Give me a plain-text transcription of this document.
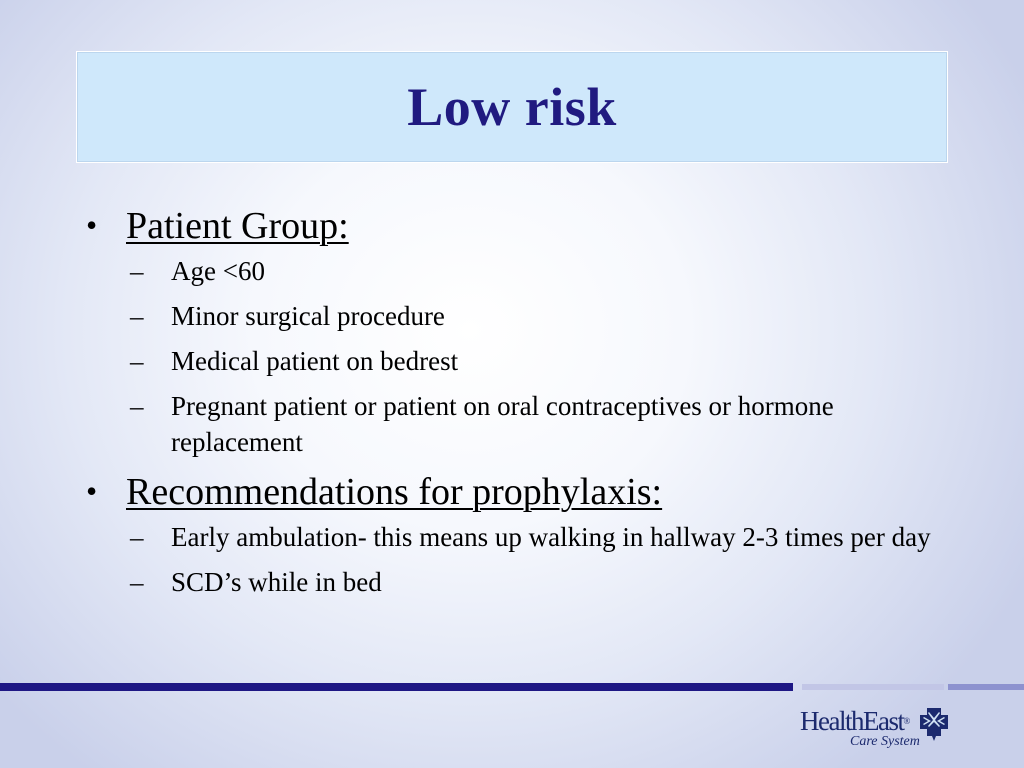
Low risk
• Patient Group:
–	Age <60
–	Minor surgical procedure
–	Medical patient on bedrest
–	Pregnant patient or patient on oral contraceptives or hormone replacement
• Recommendations for prophylaxis:
–	Early ambulation- this means up walking in hallway 2-3 times per day
–	SCD’s while in bed
HealthEast®
Care System
